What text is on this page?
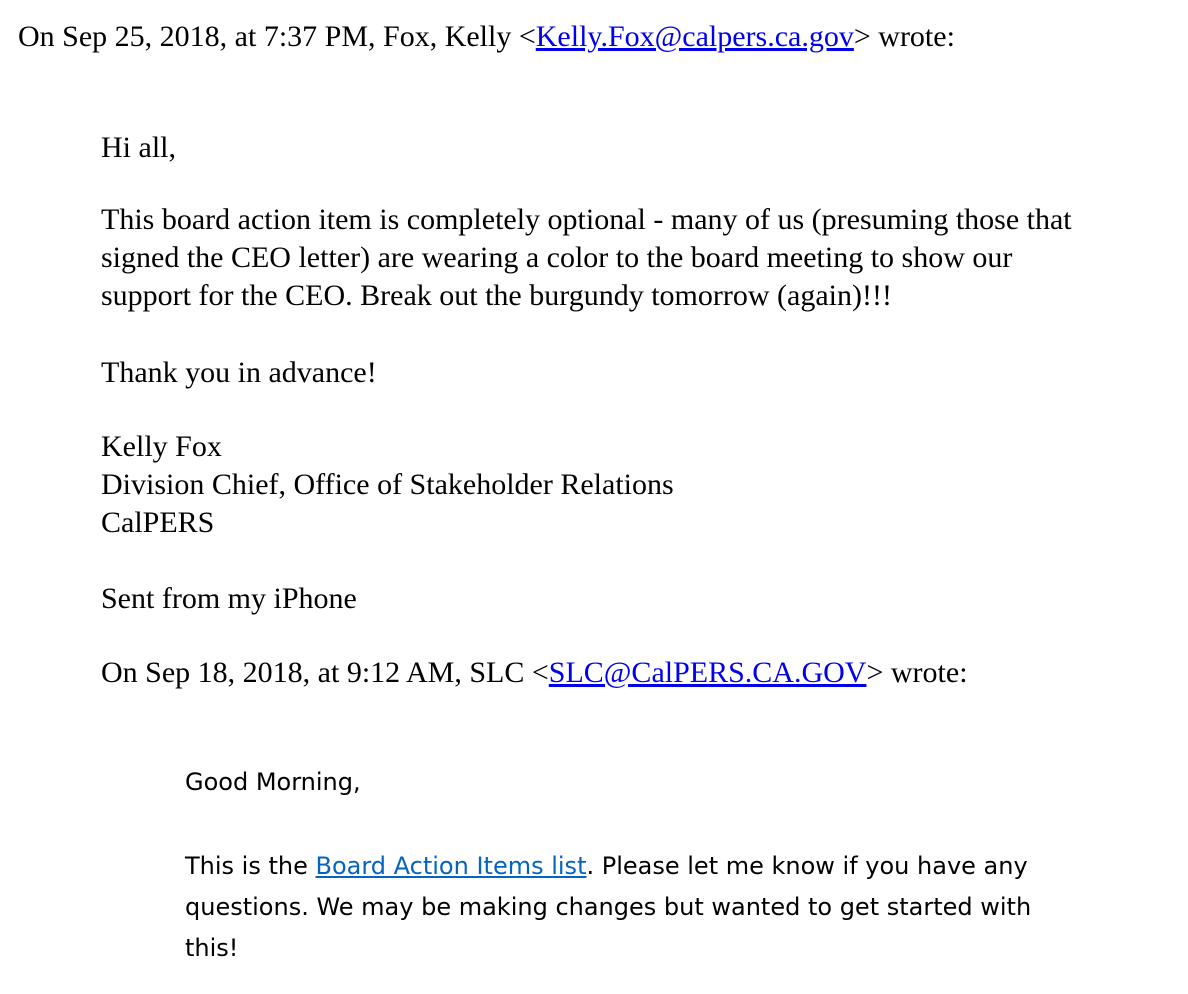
On Sep 25, 2018, at 7:37 PM, Fox, Kelly <Kelly.Fox@calpers.ca.gov> wrote:

Hi all,

This board action item is completely optional - many of us (presuming those that
signed the CEO letter) are wearing a color to the board meeting to show our
support for the CEO. Break out the burgundy tomorrow (again)!!!

Thank you in advance!

Kelly Fox
Division Chief, Office of Stakeholder Relations
CalPERS

Sent from my iPhone

On Sep 18, 2018, at 9:12 AM, SLC <SLC@CalPERS.CA.GOV> wrote:

Good Morning,

This is the Board Action Items list. Please let me know if you have any
questions. We may be making changes but wanted to get started with
this!
